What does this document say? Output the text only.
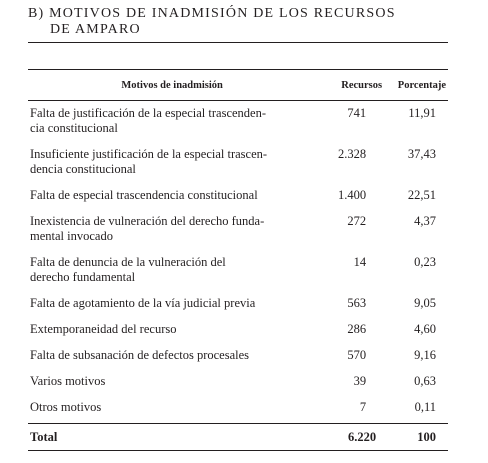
B) MOTIVOS DE INADMISIÓN DE LOS RECURSOS
DE AMPARO
Motivos de inadmisión	Recursos	Porcentaje
Falta de justificación de la especial trascenden-
cia constitucional	741	11,91
Insuficiente justificación de la especial trascen-
dencia constitucional	2.328	37,43
Falta de especial trascendencia constitucional	1.400	22,51
Inexistencia de vulneración del derecho funda-
mental invocado	272	4,37
Falta de denuncia de la vulneración del
derecho fundamental	14	0,23
Falta de agotamiento de la vía judicial previa	563	9,05
Extemporaneidad del recurso	286	4,60
Falta de subsanación de defectos procesales	570	9,16
Varios motivos	39	0,63
Otros motivos	7	0,11
Total	6.220	100
